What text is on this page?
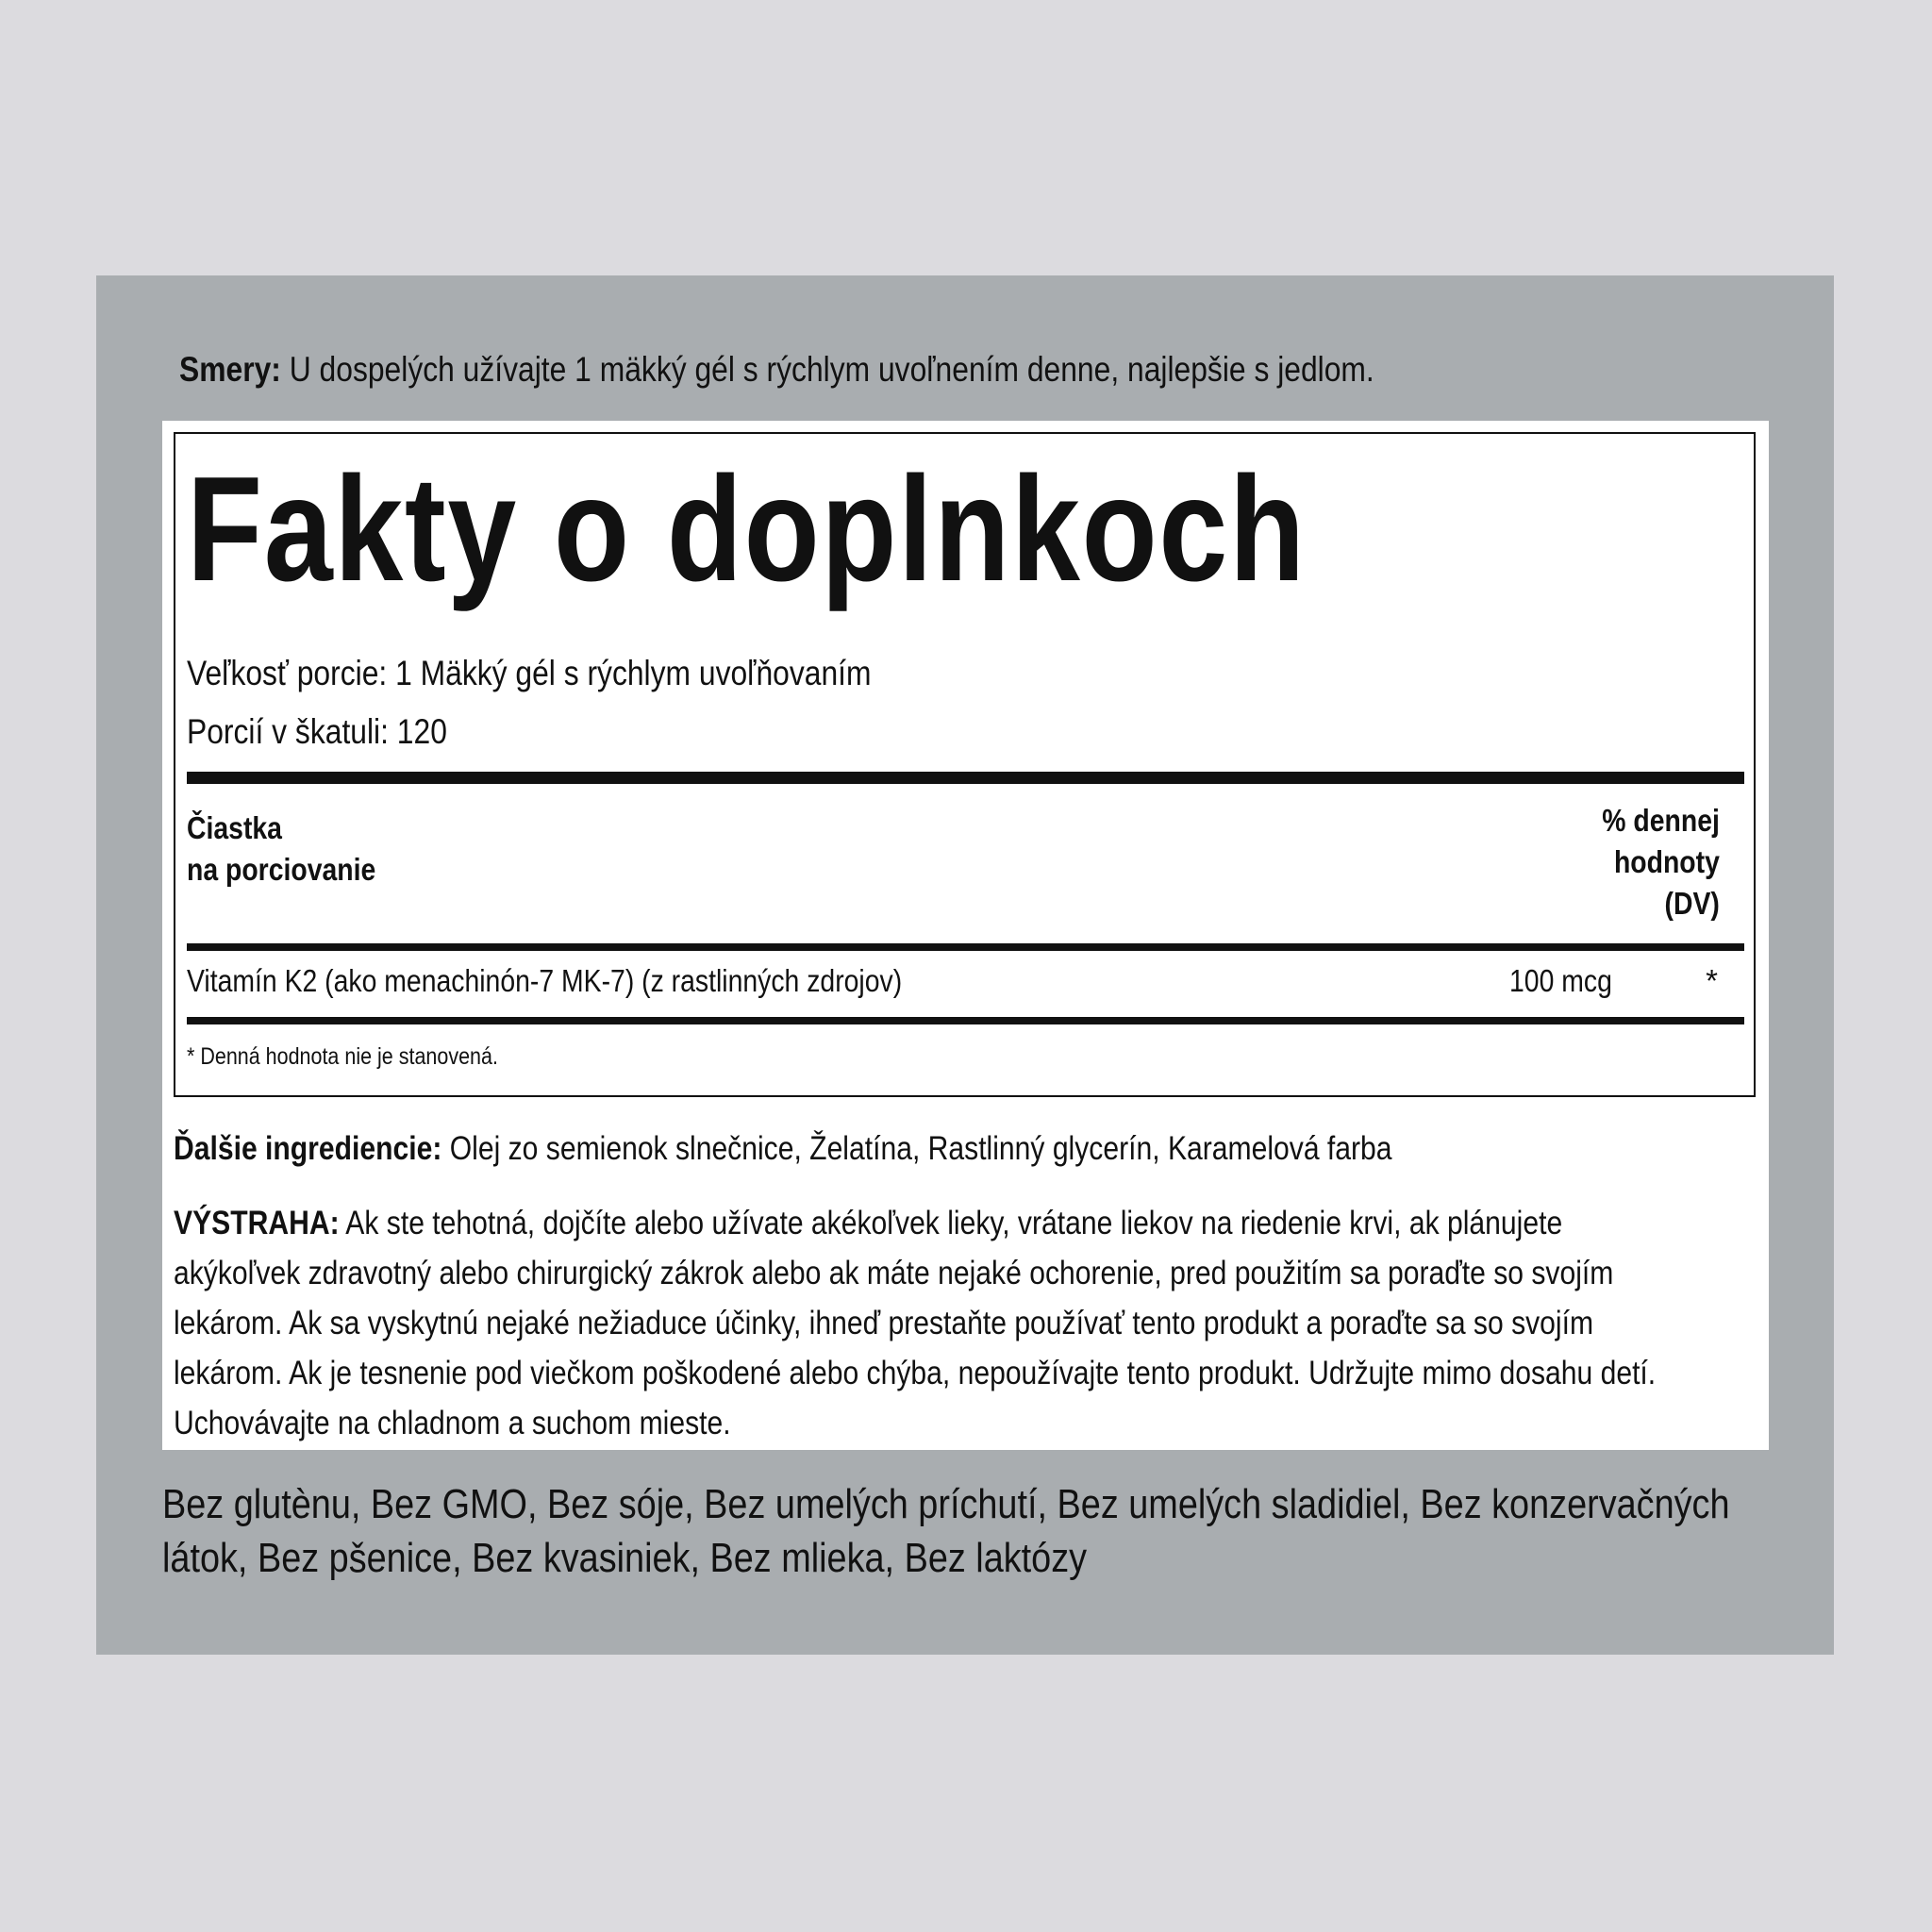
Smery: U dospelých užívajte 1 mäkký gél s rýchlym uvoľnením denne, najlepšie s jedlom.
Fakty o doplnkoch
Veľkosť porcie: 1 Mäkký gél s rýchlym uvoľňovaním
Porcií v škatuli: 120
Čiastka
na porciovanie
% dennej
hodnoty
(DV)
Vitamín K2 (ako menachinón-7 MK-7) (z rastlinných zdrojov)	100 mcg	*
* Denná hodnota nie je stanovená.
Ďalšie ingrediencie: Olej zo semienok slnečnice, Želatína, Rastlinný glycerín, Karamelová farba
VÝSTRAHA: Ak ste tehotná, dojčíte alebo užívate akékoľvek lieky, vrátane liekov na riedenie krvi, ak plánujete akýkoľvek zdravotný alebo chirurgický zákrok alebo ak máte nejaké ochorenie, pred použitím sa poraďte so svojím lekárom. Ak sa vyskytnú nejaké nežiaduce účinky, ihneď prestaňte používať tento produkt a poraďte sa so svojím lekárom. Ak je tesnenie pod viečkom poškodené alebo chýba, nepoužívajte tento produkt. Udržujte mimo dosahu detí. Uchovávajte na chladnom a suchom mieste.
Bez glutènu, Bez GMO, Bez sóje, Bez umelých príchutí, Bez umelých sladidiel, Bez konzervačných látok, Bez pšenice, Bez kvasiniek, Bez mlieka, Bez laktózy
